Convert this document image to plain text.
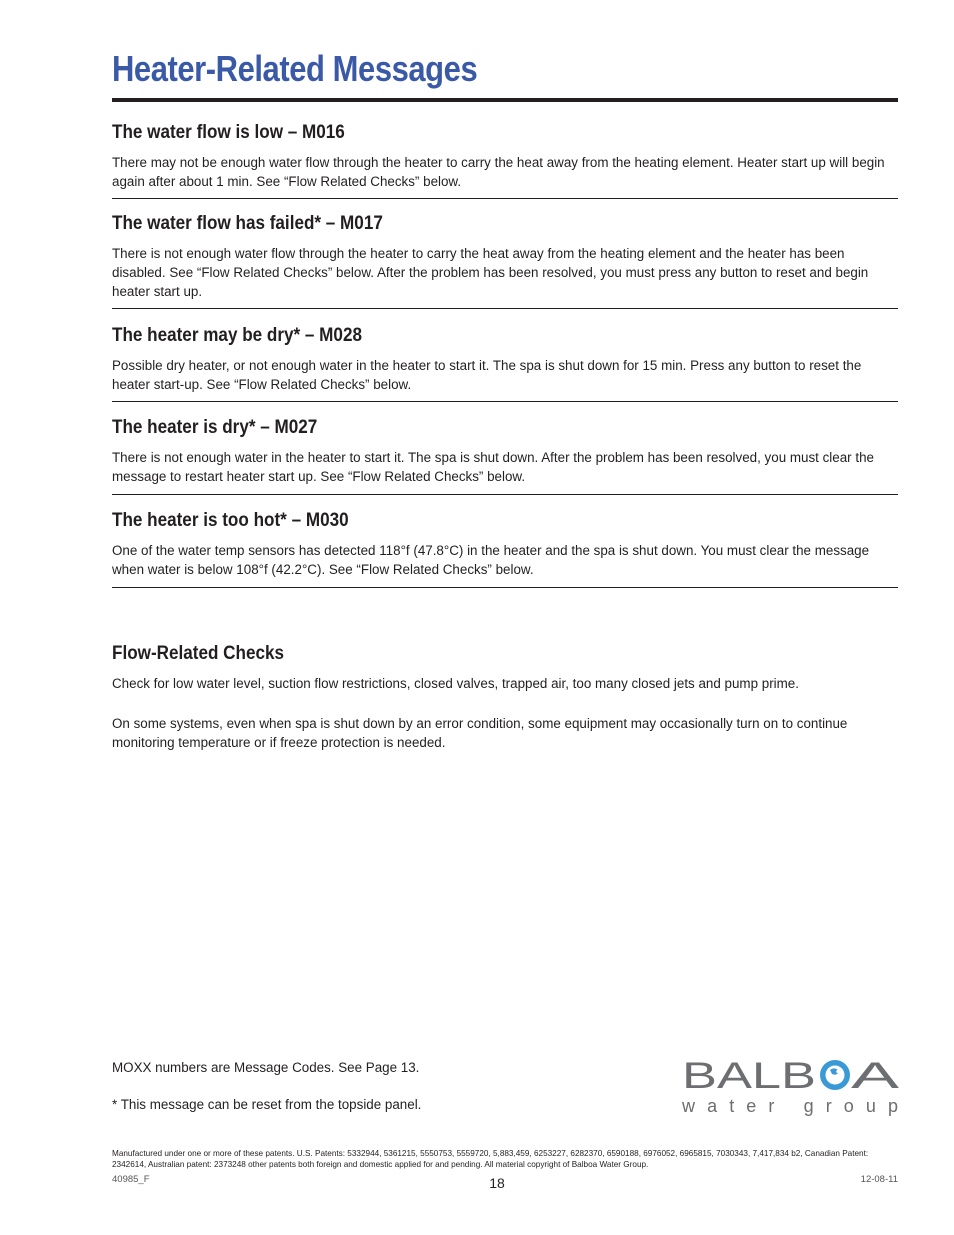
Heater-Related Messages
The water flow is low – M016

There may not be enough water flow through the heater to carry the heat away from the heating element. Heater start up will begin again after about 1 min. See “Flow Related Checks” below.

The water flow has failed* – M017

There is not enough water flow through the heater to carry the heat away from the heating element and the heater has been disabled. See “Flow Related Checks” below. After the problem has been resolved, you must press any button to reset and begin heater start up.

The heater may be dry* – M028

Possible dry heater, or not enough water in the heater to start it. The spa is shut down for 15 min. Press any button to reset the heater start-up. See “Flow Related Checks” below.

The heater is dry* – M027

There is not enough water in the heater to start it. The spa is shut down. After the problem has been resolved, you must clear the message to restart heater start up. See “Flow Related Checks” below.

The heater is too hot* – M030

One of the water temp sensors has detected 118°f (47.8°C) in the heater and the spa is shut down. You must clear the message when water is below 108°f (42.2°C). See “Flow Related Checks” below.

Flow-Related Checks

Check for low water level, suction flow restrictions, closed valves, trapped air, too many closed jets and pump prime.

On some systems, even when spa is shut down by an error condition, some equipment may occasionally turn on to continue monitoring temperature or if freeze protection is needed.

MOXX numbers are Message Codes. See Page 13.
* This message can be reset from the topside panel.
BALB A
water group
Manufactured under one or more of these patents. U.S. Patents: 5332944, 5361215, 5550753, 5559720, 5,883,459, 6253227, 6282370, 6590188, 6976052, 6965815, 7030343, 7,417,834 b2, Canadian Patent: 2342614, Australian patent: 2373248 other patents both foreign and domestic applied for and pending. All material copyright of Balboa Water Group.
40985_F	18	12-08-11
